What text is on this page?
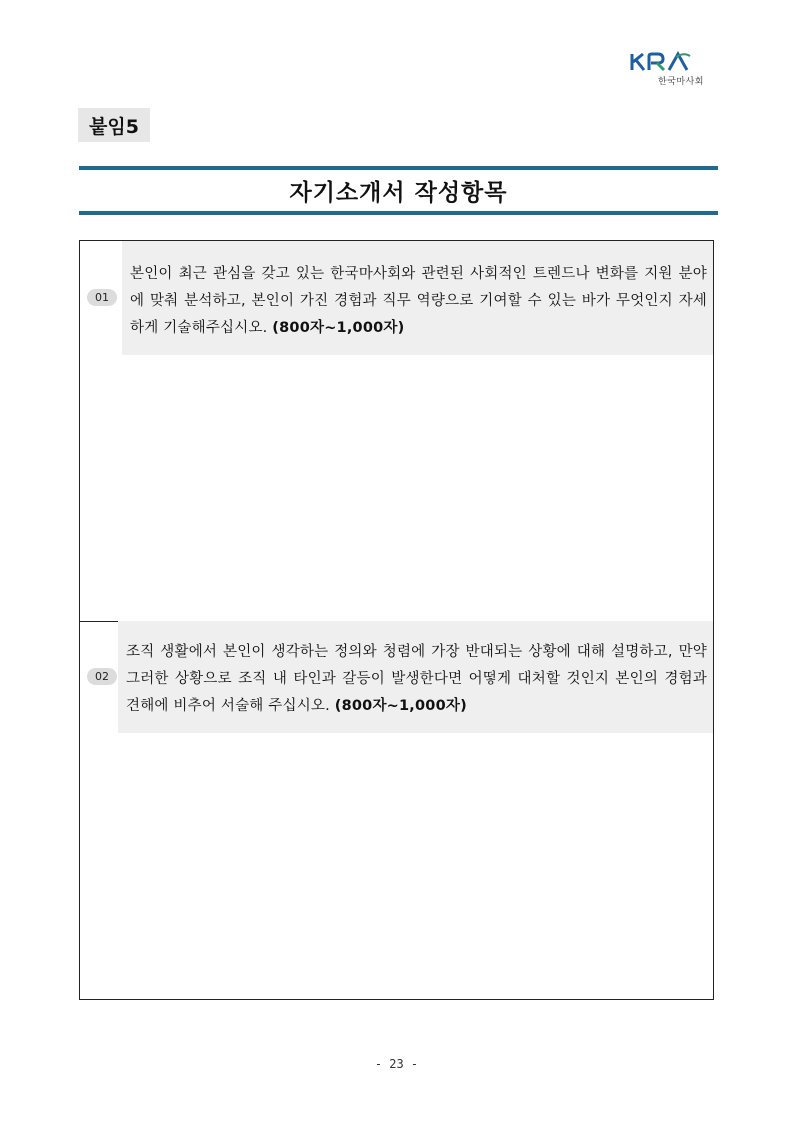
한국마사회
붙임5
자기소개서 작성항목
01
본인이 최근 관심을 갖고 있는 한국마사회와 관련된 사회적인 트렌드나 변화를 지원 분야에 맞춰 분석하고, 본인이 가진 경험과 직무 역량으로 기여할 수 있는 바가 무엇인지 자세하게 기술해주십시오. (800자~1,000자)
02
조직 생활에서 본인이 생각하는 정의와 청렴에 가장 반대되는 상황에 대해 설명하고, 만약 그러한 상황으로 조직 내 타인과 갈등이 발생한다면 어떻게 대처할 것인지 본인의 경험과 견해에 비추어 서술해 주십시오. (800자~1,000자)
- 23 -
